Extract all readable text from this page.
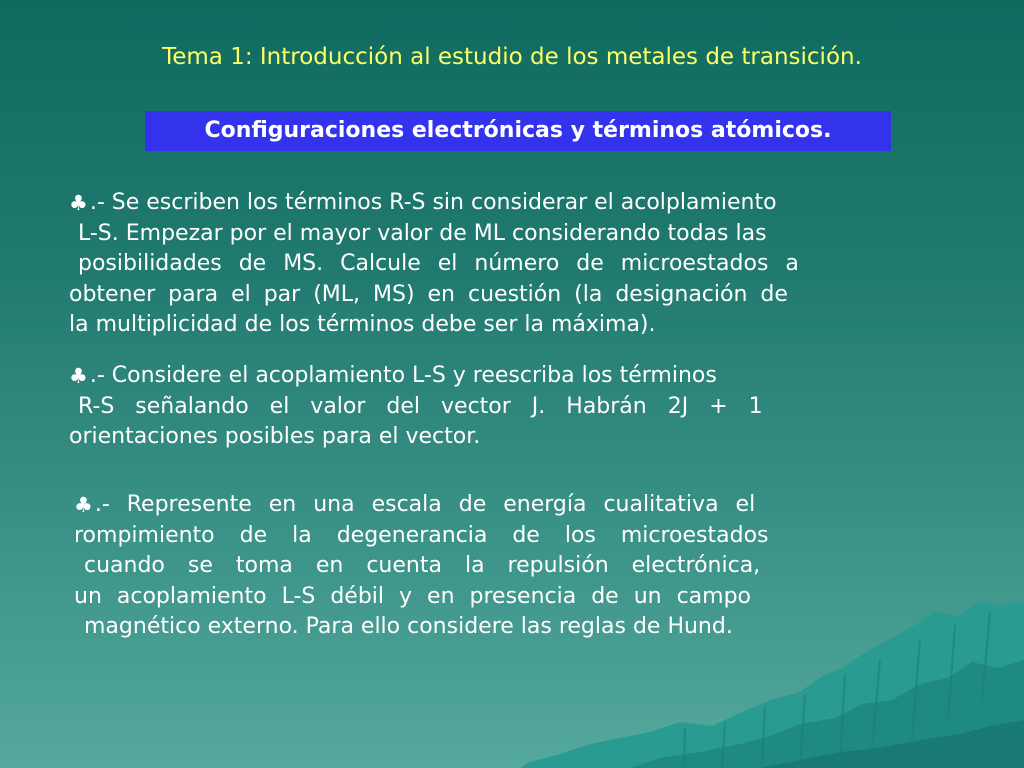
Tema 1: Introducción al estudio de los metales de transición.
Configuraciones electrónicas y términos atómicos.
♣ .- Se escriben los términos R-S sin considerar el acolplamiento
L-S. Empezar por el mayor valor de ML considerando todas las
posibilidades de MS. Calcule el número de microestados a
obtener para el par (ML, MS) en cuestión (la designación de
la multiplicidad de los términos debe ser la máxima).
♣ .- Considere el acoplamiento L-S y reescriba los términos
R-S señalando el valor del vector J. Habrán 2J + 1
orientaciones posibles para el vector.
♣ .- Represente en una escala de energía cualitativa el
rompimiento de la degenerancia de los microestados
cuando se toma en cuenta la repulsión electrónica,
un acoplamiento L-S débil y en presencia de un campo
magnético externo. Para ello considere las reglas de Hund.
